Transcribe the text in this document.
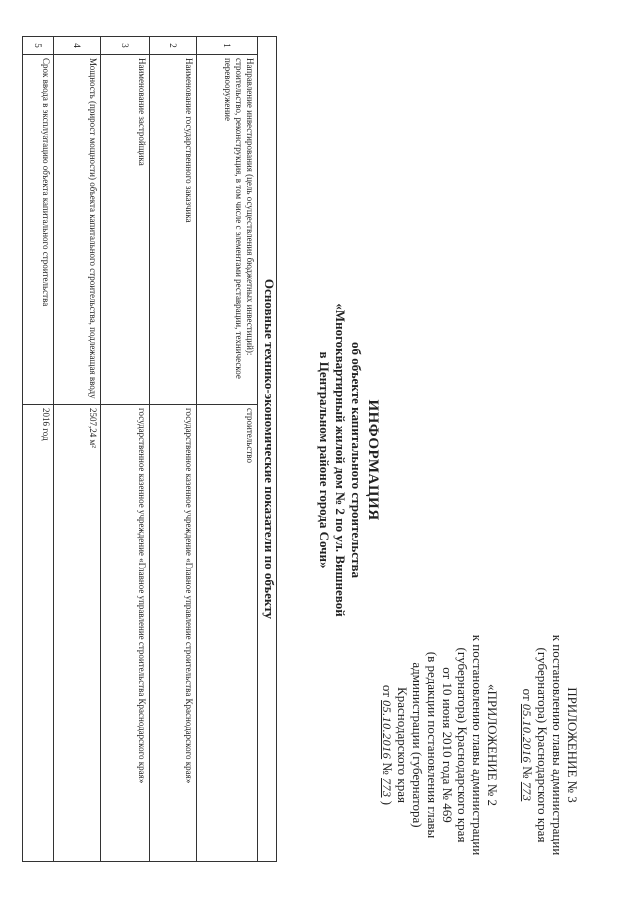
ПРИЛОЖЕНИЕ № 3
к постановлению главы администрации
(губернатора) Краснодарского края
от 05.10.2016 № 773
«ПРИЛОЖЕНИЕ № 2
к постановлению главы администрации
(губернатора) Краснодарского края
от 10 июня 2010 года № 469
(в редакции постановления главы
администрации (губернатора)
Краснодарского края
от 05.10.2016 № 773 )
ИНФОРМАЦИЯ
об объекте капитального строительства
«Многоквартирный жилой дом № 2 по ул. Вишневой
в Центральном районе города Сочи»
Основные технико-экономические показатели по объекту		
1	Направление инвестирования (цель осуществления бюджетных инвестиций): строительство, реконструкция, в том числе с элементами реставрации, техническое перевооружение	строительство
2	Наименование государственного заказчика	государственное казенное учреждение «Главное управление строительства Краснодарского края»
3	Наименование застройщика	государственное казенное учреждение «Главное управление строительства Краснодарского края»
4	Мощность (прирост мощности) объекта капитального строительства, подлежащая вводу	2507,24 м²
5	Срок ввода в эксплуатацию объекта капитального строительства	2016 год
